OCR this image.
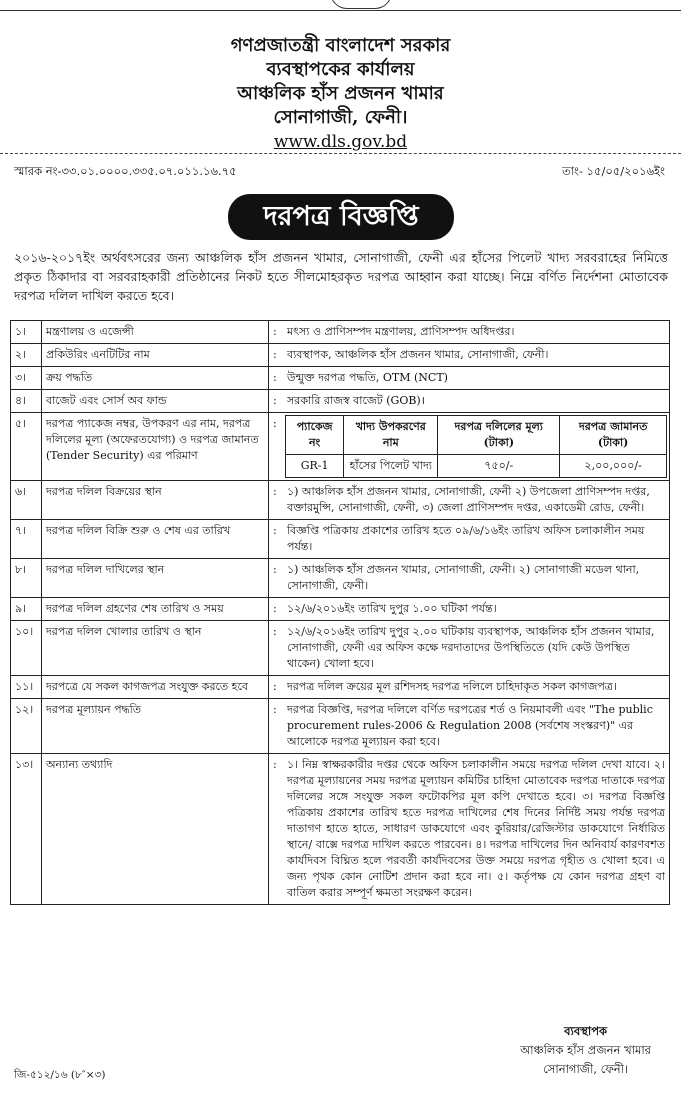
গণপ্রজাতন্ত্রী বাংলাদেশ সরকার
ব্যবস্থাপকের কার্যালয়
আঞ্চলিক হাঁস প্রজনন খামার
সোনাগাজী, ফেনী।
www.dls.gov.bd
স্মারক নং-৩৩.০১.০০০০.৩৩৫.০৭.০১১.১৬.৭৫	তাং- ১৫/০৫/২০১৬ইং
দরপত্র বিজ্ঞপ্তি
২০১৬-২০১৭ইং অর্থবৎসরের জন্য আঞ্চলিক হাঁস প্রজনন খামার, সোনাগাজী, ফেনী এর হাঁসের পিলেট খাদ্য সরবরাহের নিমিত্তে প্রকৃত ঠিকাদার বা সরবরাহকারী প্রতিষ্ঠানের নিকট হতে সীলমোহরকৃত দরপত্র আহ্বান করা যাচ্ছে। নিম্নে বর্ণিত নির্দেশনা মোতাবেক দরপত্র দলিল দাখিল করতে হবে।
১।	মন্ত্রণালয় ও এজেন্সী	:	মৎস্য ও প্রাণিসম্পদ মন্ত্রণালয়, প্রাণিসম্পদ অধিদপ্তর।
২।	প্রকিউরিং এনটিটির নাম	:	ব্যবস্থাপক, আঞ্চলিক হাঁস প্রজনন খামার, সোনাগাজী, ফেনী।
৩।	ক্রয় পদ্ধতি	:	উন্মুক্ত দরপত্র পদ্ধতি, OTM (NCT)
৪।	বাজেট এবং সোর্স অব ফান্ড	:	সরকারি রাজস্ব বাজেট (GOB)।
৫।	দরপত্র প্যাকেজ নম্বর, উপকরণ এর নাম, দরপত্র দলিলের মূল্য (অফেরতযোগ্য) ও দরপত্র জামানত (Tender Security) এর পরিমাণ	:	প্যাকেজ নং	খাদ্য উপকরণের নাম	দরপত্র দলিলের মূল্য (টাকা)	দরপত্র জামানত (টাকা)
GR-1	হাঁসের পিলেট খাদ্য	৭৫০/-	২,০০,০০০/-

৬।	দরপত্র দলিল বিক্রয়ের স্থান	:	১) আঞ্চলিক হাঁস প্রজনন খামার, সোনাগাজী, ফেনী ২) উপজেলা প্রাণিসম্পদ দপ্তর, বক্তারমুন্সি, সোনাগাজী, ফেনী, ৩) জেলা প্রাণিসম্পদ দপ্তর, একাডেমী রোড, ফেনী।
৭।	দরপত্র দলিল বিক্রি শুরু ও শেষ এর তারিখ	:	বিজ্ঞপ্তি পত্রিকায় প্রকাশের তারিখ হতে ০৯/৬/১৬ইং তারিখ অফিস চলাকালীন সময় পর্যন্ত।
৮।	দরপত্র দলিল দাখিলের স্থান	:	১) আঞ্চলিক হাঁস প্রজনন খামার, সোনাগাজী, ফেনী। ২) সোনাগাজী মডেল থানা, সোনাগাজী, ফেনী।
৯।	দরপত্র দলিল গ্রহণের শেষ তারিখ ও সময়	:	১২/৬/২০১৬ইং তারিখ দুপুর ১.০০ ঘটিকা পর্যন্ত।
১০।	দরপত্র দলিল খোলার তারিখ ও স্থান	:	১২/৬/২০১৬ইং তারিখ দুপুর ২.০০ ঘটিকায় ব্যবস্থাপক, আঞ্চলিক হাঁস প্রজনন খামার, সোনাগাজী, ফেনী এর অফিস কক্ষে দরদাতাদের উপস্থিতিতে (যদি কেউ উপস্থিত থাকেন) খোলা হবে।
১১।	দরপত্রে যে সকল কাগজপত্র সংযুক্ত করতে হবে	:	দরপত্র দলিল ক্রয়ের মূল রশিদসহ দরপত্র দলিলে চাহিদাকৃত সকল কাগজপত্র।
১২।	দরপত্র মূল্যায়ন পদ্ধতি	:	দরপত্র বিজ্ঞপ্তি, দরপত্র দলিলে বর্ণিত দরপত্রের শর্ত ও নিয়মাবলী এবং "The public procurement rules-2006 & Regulation 2008 (সর্বশেষ সংস্করণ)" এর আলোকে দরপত্র মূল্যায়ন করা হবে।
১৩।	অন্যান্য তথ্যাদি	:	১। নিম্ন স্বাক্ষরকারীর দপ্তর থেকে অফিস চলাকালীন সময়ে দরপত্র দলিল দেখা যাবে। ২। দরপত্র মূল্যায়নের সময় দরপত্র মূল্যায়ন কমিটির চাহিদা মোতাবেক দরপত্র দাতাকে দরপত্র দলিলের সঙ্গে সংযুক্ত সকল ফটোকপির মূল কপি দেখাতে হবে। ৩। দরপত্র বিজ্ঞপ্তি পত্রিকায় প্রকাশের তারিখ হতে দরপত্র দাখিলের শেষ দিনের নির্দিষ্ট সময় পর্যন্ত দরপত্র দাতাগণ হাতে হাতে, সাধারণ ডাকযোগে এবং কুরিয়ার/রেজিস্টার ডাকযোগে নির্ধারিত স্থানে/ বাক্সে দরপত্র দাখিল করতে পারবেন। ৪। দরপত্র দাখিলের দিন অনিবার্য কারণবশত কার্যদিবস বিঘ্নিত হলে পরবর্তী কার্যদিবসের উক্ত সময়ে দরপত্র গৃহীত ও খোলা হবে। এ জন্য পৃথক কোন নোটিশ প্রদান করা হবে না। ৫। কর্তৃপক্ষ যে কোন দরপত্র গ্রহণ বা বাতিল করার সম্পূর্ণ ক্ষমতা সংরক্ষণ করেন।
ব্যবস্থাপক
আঞ্চলিক হাঁস প্রজনন খামার
সোনাগাজী, ফেনী।
জি-৫১২/১৬ (৮″×৩)
